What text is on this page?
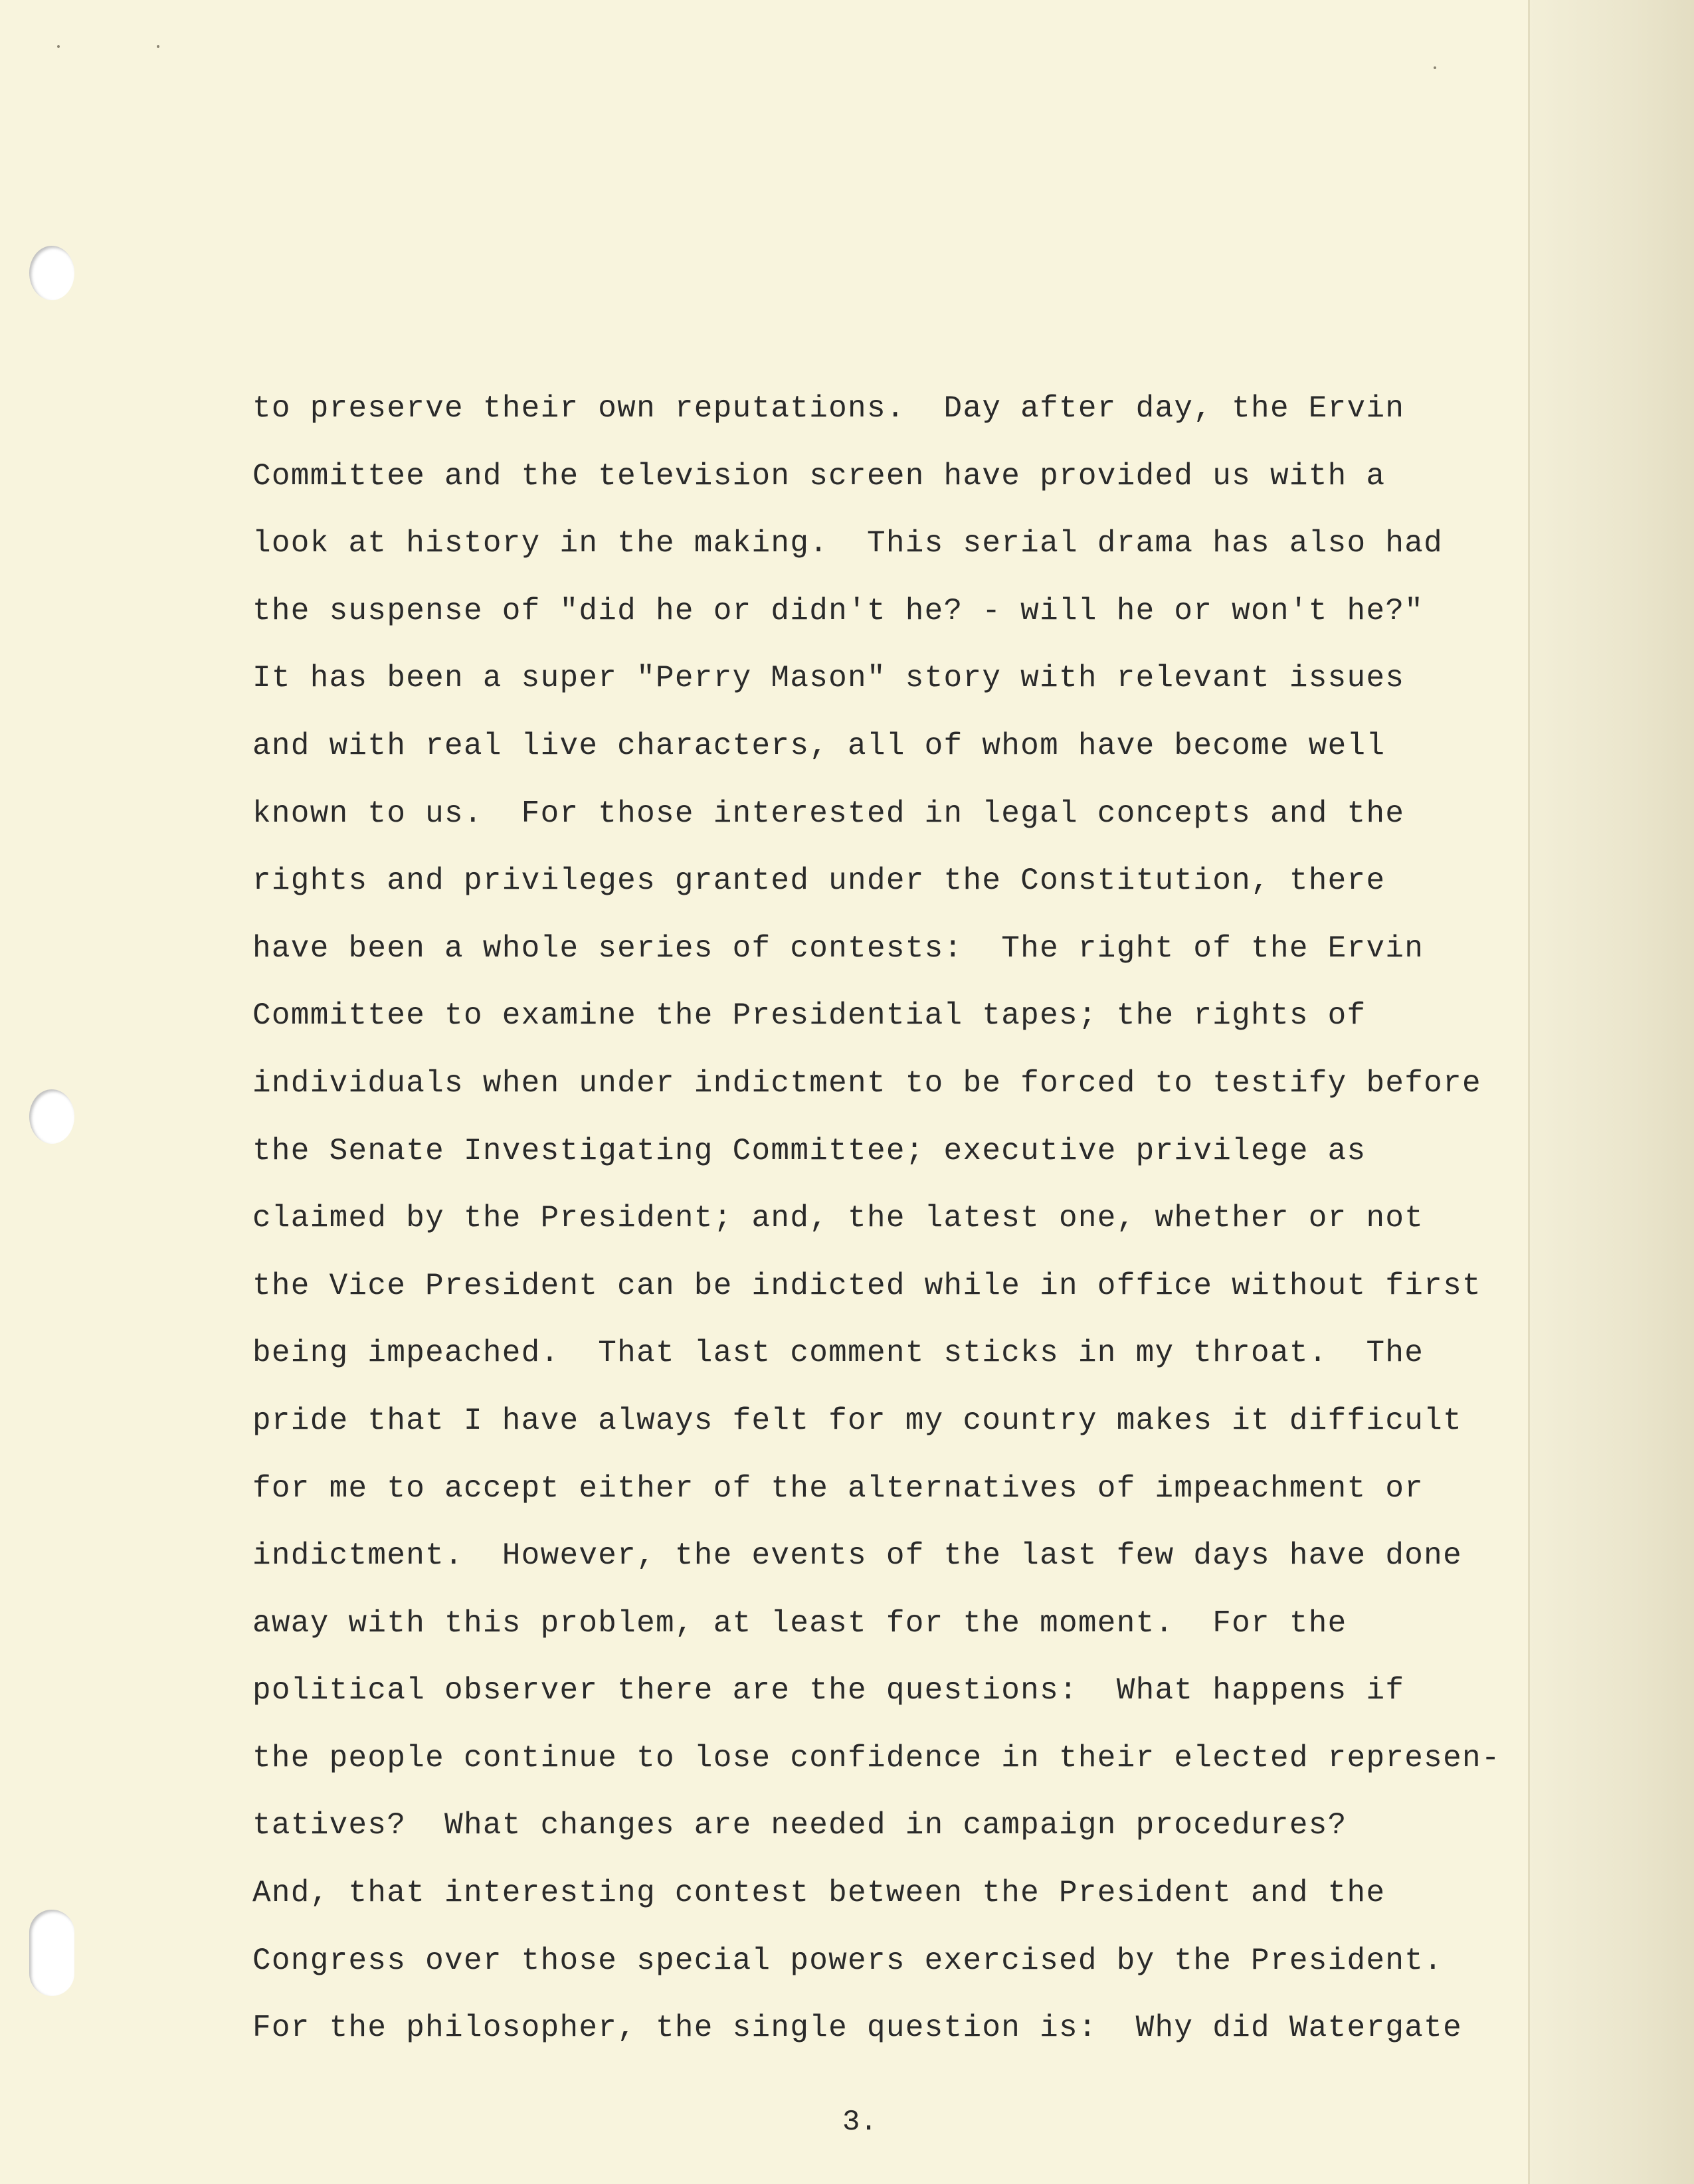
to preserve their own reputations.  Day after day, the Ervin
Committee and the television screen have provided us with a
look at history in the making.  This serial drama has also had
the suspense of "did he or didn't he? - will he or won't he?"
It has been a super "Perry Mason" story with relevant issues
and with real live characters, all of whom have become well
known to us.  For those interested in legal concepts and the
rights and privileges granted under the Constitution, there
have been a whole series of contests:  The right of the Ervin
Committee to examine the Presidential tapes; the rights of
individuals when under indictment to be forced to testify before
the Senate Investigating Committee; executive privilege as
claimed by the President; and, the latest one, whether or not
the Vice President can be indicted while in office without first
being impeached.  That last comment sticks in my throat.  The
pride that I have always felt for my country makes it difficult
for me to accept either of the alternatives of impeachment or
indictment.  However, the events of the last few days have done
away with this problem, at least for the moment.  For the
political observer there are the questions:  What happens if
the people continue to lose confidence in their elected represen-
tatives?  What changes are needed in campaign procedures?
And, that interesting contest between the President and the
Congress over those special powers exercised by the President.
For the philosopher, the single question is:  Why did Watergate
3.
